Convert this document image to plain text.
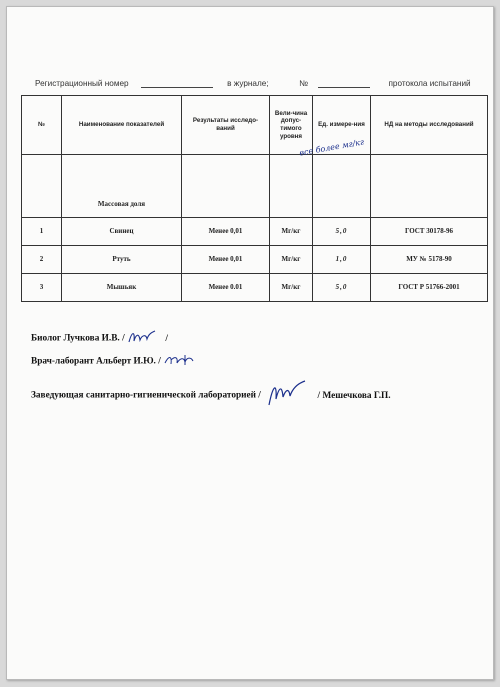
Регистрационный номер	в журнале;	№	протокола испытаний
№	Наименование показателей	Результаты исследо-ваний	Вели-чина допус-тимого уровня	Ед. измере-ния	НД на методы исследований
	Массовая доля				
1	Свинец	Менее 0,01	Мг/кг	5,0	ГОСТ 30178-96
2	Ртуть	Менее 0,01	Мг/кг	1,0	МУ № 5178-90
3	Мышьяк	Менее 0.01	Мг/кг	5,0	ГОСТ Р 51766-2001
все более мг/кг
Биолог Лучкова И.В. /	/
Врач-лаборант Альберт И.Ю. /
Заведующая санитарно-гигиенической лабораторией /	/ Мешечкова Г.П.
